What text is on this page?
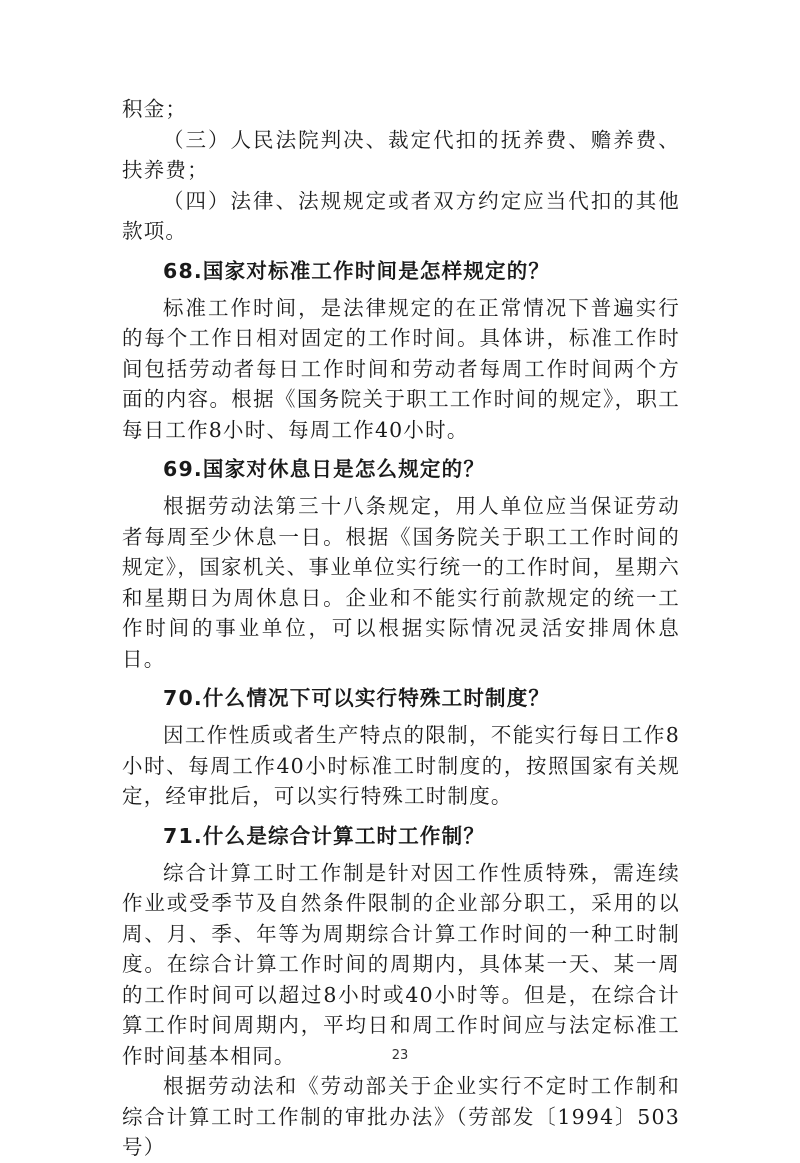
积金；

（三）人民法院判决、裁定代扣的抚养费、赡养费、扶养费；

（四）法律、法规规定或者双方约定应当代扣的其他款项。

68.国家对标准工作时间是怎样规定的？

标准工作时间，是法律规定的在正常情况下普遍实行的每个工作日相对固定的工作时间。具体讲，标准工作时间包括劳动者每日工作时间和劳动者每周工作时间两个方面的内容。根据《国务院关于职工工作时间的规定》，职工每日工作8小时、每周工作40小时。

69.国家对休息日是怎么规定的？

根据劳动法第三十八条规定，用人单位应当保证劳动者每周至少休息一日。根据《国务院关于职工工作时间的规定》，国家机关、事业单位实行统一的工作时间，星期六和星期日为周休息日。企业和不能实行前款规定的统一工作时间的事业单位，可以根据实际情况灵活安排周休息日。

70.什么情况下可以实行特殊工时制度？

因工作性质或者生产特点的限制，不能实行每日工作8小时、每周工作40小时标准工时制度的，按照国家有关规定，经审批后，可以实行特殊工时制度。

71.什么是综合计算工时工作制？

综合计算工时工作制是针对因工作性质特殊，需连续作业或受季节及自然条件限制的企业部分职工，采用的以周、月、季、年等为周期综合计算工作时间的一种工时制度。在综合计算工作时间的周期内，具体某一天、某一周的工作时间可以超过8小时或40小时等。但是，在综合计算工作时间周期内，平均日和周工作时间应与法定标准工作时间基本相同。

根据劳动法和《劳动部关于企业实行不定时工作制和综合计算工时工作制的审批办法》（劳部发〔1994〕503号）

23
